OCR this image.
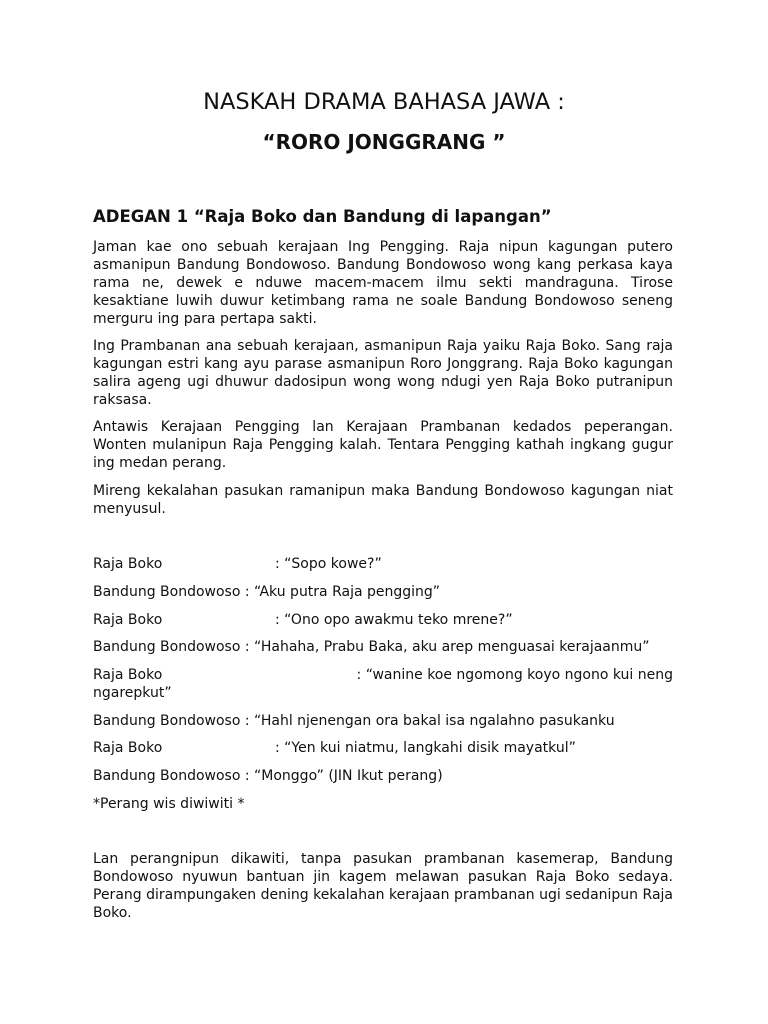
NASKAH DRAMA BAHASA JAWA :
“RORO JONGGRANG ”
ADEGAN 1 “Raja Boko dan Bandung di lapangan”

Jaman kae ono sebuah kerajaan Ing Pengging. Raja nipun kagungan putero asmanipun Bandung Bondowoso. Bandung Bondowoso wong kang perkasa kaya rama ne, dewek e nduwe macem-macem ilmu sekti mandraguna. Tirose kesaktiane luwih duwur ketimbang rama ne soale Bandung Bondowoso seneng merguru ing para pertapa sakti.

Ing Prambanan ana sebuah kerajaan, asmanipun Raja yaiku Raja Boko. Sang raja kagungan estri kang ayu parase asmanipun Roro Jonggrang. Raja Boko kagungan salira ageng ugi dhuwur dadosipun wong wong ndugi yen Raja Boko putranipun raksasa.

Antawis Kerajaan Pengging lan Kerajaan Prambanan kedados peperangan. Wonten mulanipun Raja Pengging kalah. Tentara Pengging kathah ingkang gugur ing medan perang.

Mireng kekalahan pasukan ramanipun maka Bandung Bondowoso kagungan niat menyusul.

Raja Boko	: “Sopo kowe?”
Bandung Bondowoso : “Aku putra Raja pengging”
Raja Boko	: “Ono opo awakmu teko mrene?”
Bandung Bondowoso : “Hahaha, Prabu Baka, aku arep menguasai kerajaanmu”
Raja Boko	: “wanine koe ngomong koyo ngono kui neng
ngarepkut”
Bandung Bondowoso : “Hahl njenengan ora bakal isa ngalahno pasukanku
Raja Boko	: “Yen kui niatmu, langkahi disik mayatkul”
Bandung Bondowoso : “Monggo” (JIN Ikut perang)
*Perang wis diwiwiti *

Lan perangnipun dikawiti, tanpa pasukan prambanan kasemerap, Bandung Bondowoso nyuwun bantuan jin kagem melawan pasukan Raja Boko sedaya. Perang dirampungaken dening kekalahan kerajaan prambanan ugi sedanipun Raja Boko.
